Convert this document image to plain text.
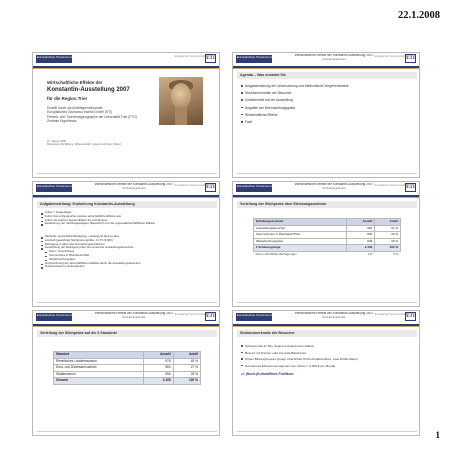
22.1.2008
Europäisches Tourismus Institut GmbH Universität Trier	Europäisches Tourismus Institut ETI
Wirtschaftliche Effekte der
Konstantin-Ausstellung 2007
für die Region Trier
Erstellt durch die Arbeitsgemeinschaft:
Europäisches Tourismus Institut GmbH (ETI)
Freizeit- und Tourismusgeographie der Universität Trier (FTG)
Zentrale Ergebnisse
21. Januar 2008
Ministerium für Bildung, Wissenschaft, Jugend und Kultur, Mainz
Europäisches Tourismus Institut GmbH Universität Trier
Wirtschaftliche Effekte der Konstantin-Ausstellung 2007
Zentrale Ergebnisse
Europäisches Tourismus Institut ETI
Agenda – Was erwartet Sie
Aufgabenstellung der Untersuchung und Methodische Vorgehensweise
Strukturmerkmale der Besucher
Zufriedenheit mit der Ausstellung
Angaben der Übernachtungsgäste
Wirtschaftliche Effekte
Fazit
Europäisches Tourismus Institut GmbH Universität Trier
Wirtschaftliche Effekte der Konstantin-Ausstellung 2007
Zentrale Ergebnisse
Europäisches Tourismus Institut ETI
Aufgabenstellung: Evaluierung Konstantin-Ausstellung
Kultur = Imageträger
Kultur löst umfangreiche positive wirtschaftliche Effekte aus
Kultur als weicher Standortfaktor für eine Region
Evaluierung der nachfrageseitigen (Besucher) und der regionalwirtschaftlichen Effekte
Methode: persönliche Befragung, vorwiegend face-to-face
ermittelt (gewichtet) Stichprobengröße: 2.170 (3.902)
Befragung in allen drei Ausstellungsstandorten
Gewichtung der Befragung über den Anteil der Ausstellungsbesucher:
Stern / Ansuchhaus
Sonnenhaus in Rheinland-Pfalz
Weiterbuchungsplan
Hochrechnung der wirtschaftlichen Effekte durch die Ausstellungsbesucher
Dokumentation und Evidenzen
Europäisches Tourismus Institut GmbH Universität Trier
Wirtschaftliche Effekte der Konstantin-Ausstellung 2007
Zentrale Ergebnisse
Europäisches Tourismus Institut ETI
Verteilung der Stichprobe über Erhebungszentrum
Erhebungszentrum	Anzahl	Anteil
Ausstellungsbesucher	982	31 %
Sommerferien in Rheinland-Pfalz	830	30 %
Weiterbuchungsplan	848	39 %
Σ Erhebungstage	2.160	100 %
davon schriftliche Befragungen	117	5 %
Europäisches Tourismus Institut GmbH Universität Trier
Wirtschaftliche Effekte der Konstantin-Ausstellung 2007
Zentrale Ergebnisse
Europäisches Tourismus Institut ETI
Verteilung der Stichprobe auf die 3 Standorte
Standort	Anzahl	Anteil
Rheinisches Landesmuseum	976	45 %
Dom- und Diözesanmuseum	583	27 %
Stadtmuseum	596	28 %
Gesamt	2.155	100 %
Europäisches Tourismus Institut GmbH Universität Trier
Wirtschaftliche Effekte der Konstantin-Ausstellung 2007
Zentrale Ergebnisse
Europäisches Tourismus Institut ETI
Strukturmerkmale der Besucher
Schwerpunkt im 50+ Segment (knapp über Drittel)
Besuch mit Partner oder Freunde/Bekannten
Hohes Bildungsniveau (knapp zwei Drittel Hochschulabschluss, zwei Drittel Abitur)
Gehobenes Einkommensegment (ein Viertel > 4.000 € pro Monat)
=> (Noch-)Kulturaffines Publikum
1
